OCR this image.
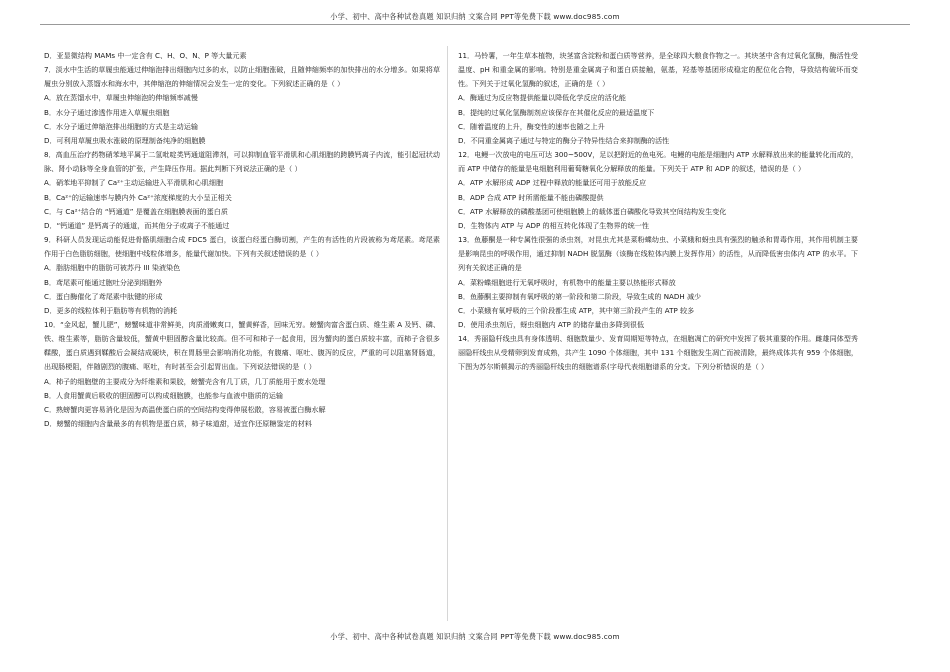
小学、初中、高中各种试卷真题 知识归纳 文案合同 PPT等免费下载 www.doc985.com

D．亚显微结构 MAMs 中一定含有 C、H、O、N、P 等大量元素

7．淡水中生活的草履虫能通过伸缩泡排出细胞内过多的水，以防止细胞涨破，且随伸缩频率的加快排出的水分增多。如果将草履虫分别放入蒸馏水和海水中，其伸缩泡的伸缩情况会发生一定的变化。下列叙述正确的是（ ）

A．放在蒸馏水中，草履虫伸缩泡的伸缩频率减慢

B．水分子通过渗透作用进入草履虫细胞

C．水分子通过伸缩泡排出细胞的方式是主动运输

D．可利用草履虫吸水涨破的原理制备纯净的细胞膜

8．高血压治疗药物硝苯地平属于二氢吡啶类钙通道阻滞剂，可以抑制血管平滑肌和心肌细胞的跨膜钙离子内流，能引起冠状动脉、肾小动脉等全身血管的扩张，产生降压作用。据此判断下列说法正确的是（ ）

A．硝苯地平抑制了 Ca²⁺主动运输进入平滑肌和心肌细胞

B．Ca²⁺的运输速率与膜内外 Ca²⁺浓度梯度的大小呈正相关

C．与 Ca²⁺结合的 “钙通道” 是覆盖在细胞膜表面的蛋白质

D．“钙通道” 是钙离子的通道，而其他分子或离子不能通过

9．科研人员发现运动能促进骨骼肌细胞合成 FDC5 蛋白，该蛋白经蛋白酶切割，产生的有活性的片段被称为鸢尾素。鸢尾素作用于白色脂肪细胞，使细胞中线粒体增多，能量代谢加快。下列有关叙述错误的是（ ）

A．脂肪细胞中的脂肪可被苏丹 III 染液染色

B．鸢尾素可能通过胞吐分泌到细胞外

C．蛋白酶催化了鸢尾素中肽键的形成

D．更多的线粒体利于脂肪等有机物的消耗

10．“金风起，蟹儿肥”，螃蟹味道非常鲜美，肉质滑嫩爽口，蟹黄鲜香，回味无穷。螃蟹肉富含蛋白质、维生素 A 及钙、磷、铁、维生素等，脂肪含量较低，蟹黄中胆固醇含量比较高。但不可和柿子一起食用，因为蟹肉的蛋白质较丰富，而柿子含很多鞣酸，蛋白质遇到鞣酸后会凝结成硬块，积在胃肠里会影响消化功能，有腹痛、呕吐、腹泻的反应，严重的可以阻塞肾肠道，出现肠梗阻，伴随剧烈的腹痛、呕吐，有时甚至会引起胃出血。下列说法错误的是（ ）

A．柿子的细胞壁的主要成分为纤维素和果胶，螃蟹壳含有几丁质，几丁质能用于废水处理

B．人食用蟹黄后吸收的胆固醇可以构成细胞膜，也能参与血液中脂质的运输

C．熟螃蟹肉更容易消化是因为高温使蛋白质的空间结构变得伸展松散，容易被蛋白酶水解

D．螃蟹的细胞内含量最多的有机物是蛋白质，柿子味道甜，适宜作还原糖鉴定的材料

11．马铃薯，一年生草本植物，块茎富含淀粉和蛋白质等营养，是全球四大粮食作物之一。其块茎中含有过氧化氢酶，酶活性受温度、pH 和重金属的影响。特别是重金属离子和蛋白质接触，氨基，羟基等基团形成稳定的配位化合物，导致结构破坏而变性。下列关于过氧化氢酶的叙述，正确的是（ ）

A．酶通过为反应物提供能量以降低化学反应的活化能

B．提纯的过氧化氢酶制剂应该保存在其催化反应的最适温度下

C．随着温度的上升，酶变性的速率也随之上升

D．不同重金属离子通过与特定的酶分子特异性结合来抑制酶的活性

12．电鳗一次放电的电压可达 300~500V，足以把附近的鱼电死。电鳗的电能是细胞内 ATP 水解释放出来的能量转化而成的，而 ATP 中储存的能量是电细胞利用葡萄糖氧化分解释放的能量。下列关于 ATP 和 ADP 的叙述，错误的是（ ）

A．ATP 水解形成 ADP 过程中释放的能量还可用于放能反应

B．ADP 合成 ATP 时所需能量不能由磷酸提供

C．ATP 水解释放的磷酸基团可使细胞膜上的载体蛋白磷酸化导致其空间结构发生变化

D．生物体内 ATP 与 ADP 的相互转化体现了生物界的统一性

13．鱼藤酮是一种专属性很强的杀虫剂，对昆虫尤其是菜粉蝶幼虫、小菜蛾和蚜虫具有强烈的触杀和胃毒作用，其作用机制主要是影响昆虫的呼吸作用，通过抑制 NADH 脱氢酶（该酶在线粒体内膜上发挥作用）的活性，从而降低害虫体内 ATP 的水平。下列有关叙述正确的是

A．菜粉蝶细胞进行无氧呼吸时，有机物中的能量主要以热能形式释放

B．鱼藤酮主要抑制有氧呼吸的第一阶段和第二阶段，导致生成的 NADH 减少

C．小菜蛾有氧呼吸的三个阶段都生成 ATP，其中第三阶段产生的 ATP 较多

D．使用杀虫剂后，蚜虫细胞内 ATP 的储存量由多降到很低

14．秀丽隐杆线虫具有身体透明、细胞数量少、发育周期短等特点，在细胞凋亡的研究中发挥了极其重要的作用。雌雄同体型秀丽隐杆线虫从受精卵到发育成熟，共产生 1090 个体细胞，其中 131 个细胞发生凋亡而被清除，最终成体共有 959 个体细胞，下图为苏尔斯顿揭示的秀丽隐杆线虫的细胞谱系(字母代表细胞谱系的分支。下列分析错误的是（ ）

小学、初中、高中各种试卷真题 知识归纳 文案合同 PPT等免费下载 www.doc985.com
